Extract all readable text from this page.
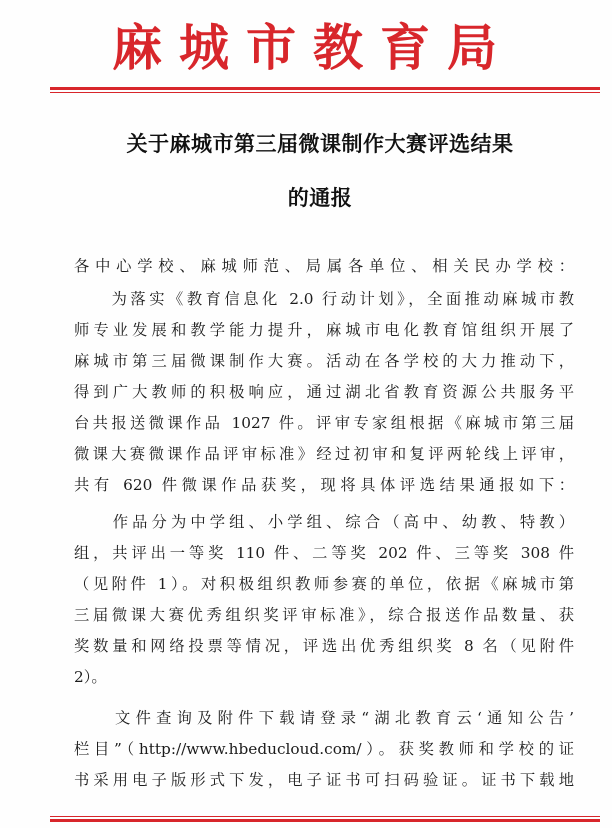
麻城市教育局
关于麻城市第三届微课制作大赛评选结果
的通报
各中心学校、麻城师范、局属各单位、相关民办学校：
　　为落实《教育信息化 2.0 行动计划》，全面推动麻城市教
师专业发展和教学能力提升，麻城市电化教育馆组织开展了
麻城市第三届微课制作大赛。活动在各学校的大力推动下，
得到广大教师的积极响应，通过湖北省教育资源公共服务平
台共报送微课作品 1027 件。评审专家组根据《麻城市第三届
微课大赛微课作品评审标准》经过初审和复评两轮线上评审，
共有 620 件微课作品获奖，现将具体评选结果通报如下：
　　作品分为中学组、小学组、综合（高中、幼教、特教）
组，共评出一等奖 110 件、二等奖 202 件、三等奖 308 件
（见附件 1）。对积极组织教师参赛的单位，依据《麻城市第
三届微课大赛优秀组织奖评审标准》，综合报送作品数量、获
奖数量和网络投票等情况，评选出优秀组织奖 8 名（见附件
2）。
　　文件查询及附件下载请登录“湖北教育云‘通知公告’
栏目”（http://www.hbeducloud.com/）。获奖教师和学校的证
书采用电子版形式下发，电子证书可扫码验证。证书下载地
